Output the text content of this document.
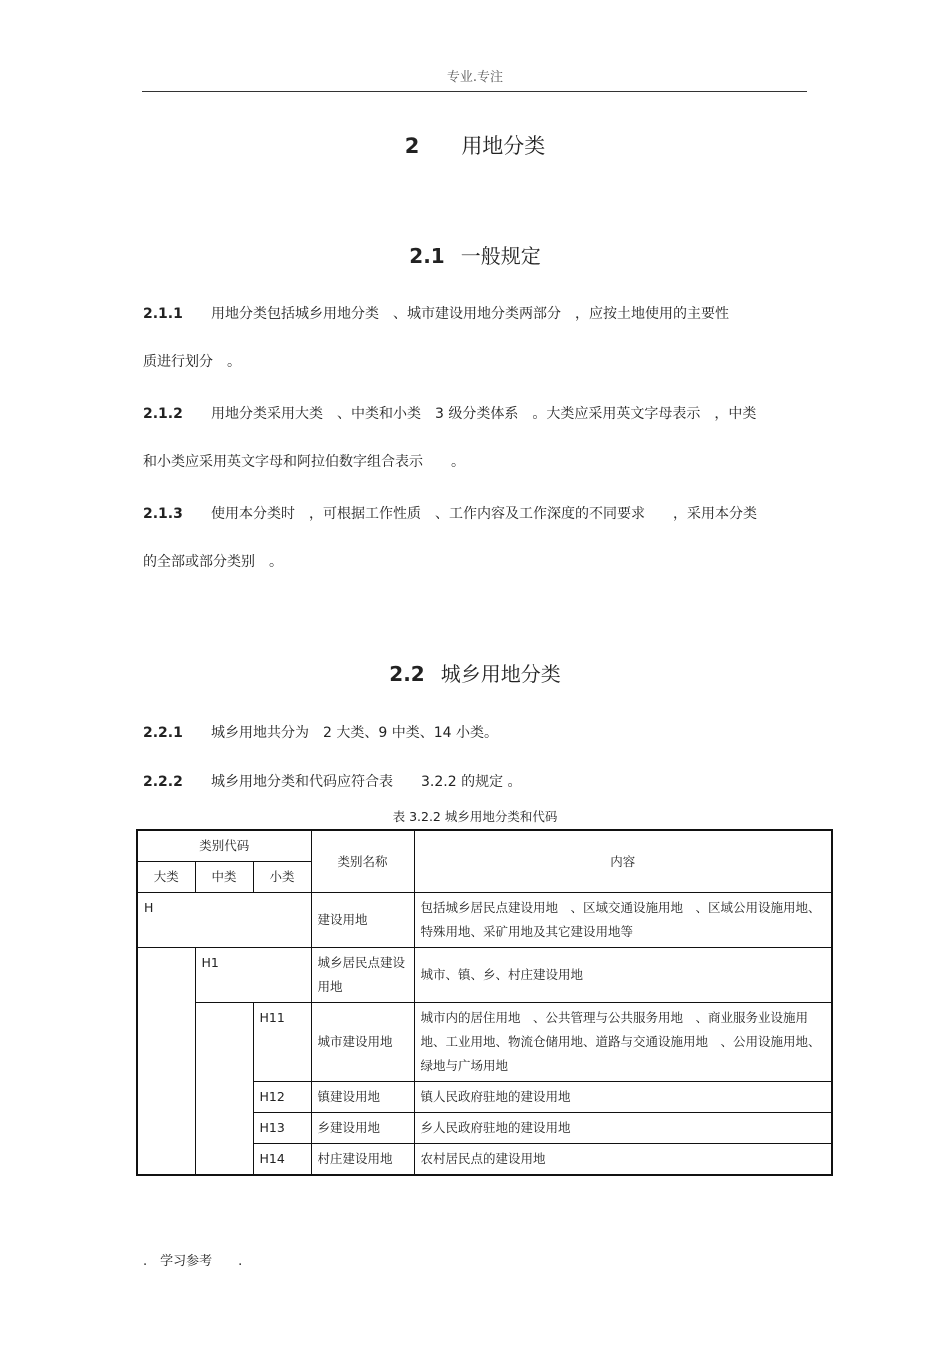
专业.专注
2 用地分类
2.1 一般规定
2.1.1 用地分类包括城乡用地分类　、城市建设用地分类两部分　，应按土地使用的主要性
质进行划分　。
2.1.2 用地分类采用大类　、中类和小类　3 级分类体系　。大类应采用英文字母表示　，中类
和小类应采用英文字母和阿拉伯数字组合表示　　。
2.1.3 使用本分类时　，可根据工作性质　、工作内容及工作深度的不同要求　　，采用本分类
的全部或部分类别　。
2.2 城乡用地分类
2.2.1 城乡用地共分为　2 大类、9 中类、14 小类。
2.2.2 城乡用地分类和代码应符合表　　3.2.2 的规定 。
表 3.2.2 城乡用地分类和代码
类别代码			类别名称	内容
大类	中类	小类		
H			建设用地	包括城乡居民点建设用地　、区域交通设施用地　、区域公用设施用地、特殊用地、采矿用地及其它建设用地等
	H1		城乡居民点建设用地	城市、镇、乡、村庄建设用地
		H11	城市建设用地	城市内的居住用地　、公共管理与公共服务用地　、商业服务业设施用地、工业用地、物流仓储用地、道路与交通设施用地　、公用设施用地、绿地与广场用地
		H12	镇建设用地	镇人民政府驻地的建设用地
		H13	乡建设用地	乡人民政府驻地的建设用地
		H14	村庄建设用地	农村居民点的建设用地
.　学习参考　　.
